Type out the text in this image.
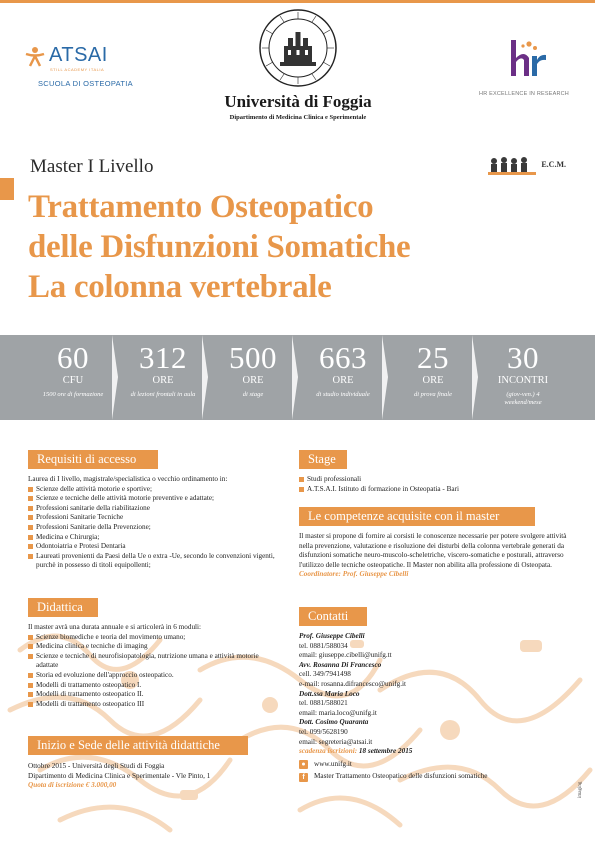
ATSAI
STILL ACADEMY ITALIA
SCUOLA DI OSTEOPATIA
Università di Foggia
Dipartimento di Medicina Clinica e Sperimentale
HR EXCELLENCE IN RESEARCH
Master I Livello	E.C.M.
Trattamento Osteopatico
delle Disfunzioni Somatiche
La colonna vertebrale
60
CFU
1500 ore di formazione
312
ORE
di lezioni frontali in aula
500
ORE
di stage
663
ORE
di studio individuale
25
ORE
di prova finale
30
INCONTRI
(giov-ven.) 4 weekend/mese
Requisiti di accesso
Laurea di I livello, magistrale/specialistica o vecchio ordinamento in:
Scienze delle attività motorie e sportive;
Scienze e tecniche delle attività motorie preventive e adattate;
Professioni sanitarie della riabilitazione
Professioni Sanitarie Tecniche
Professioni Sanitarie della Prevenzione;
Medicina e Chirurgia;
Odontoiatria e Protesi Dentaria
Laureati provenienti da Paesi della Ue o extra -Ue, secondo le convenzioni vigenti, purchè in possesso di titoli equipollenti;
Didattica
Il master avrà una durata annuale e si articolerà in 6 moduli:
Scienze biomediche e teoria del movimento umano;
Medicina clinica e tecniche di imaging
Scienze e tecniche di neurofisiopatologia, nutrizione umana e attività motorie adattate
Storia ed evoluzione dell'approccio osteopatico.
Modelli di trattamento osteopatico I.
Modelli di trattamento osteopatico II.
Modelli di trattamento osteopatico III
Inizio e Sede delle attività didattiche
Ottobre 2015 - Università degli Studi di Foggia
Dipartimento di Medicina Clinica e Sperimentale - Vle Pinto, 1
Quota di iscrizione € 3.000,00
Stage
Studi professionali
A.T.S.A.I. Istituto di formazione in Osteopatia - Bari
Le competenze acquisite con il master
Il master si propone di fornire ai corsisti le conoscenze necessarie per potere svolgere attività nella prevenzione, valutazione e risoluzione dei disturbi della colonna vertebrale generati da disfunzioni somatiche neuro-muscolo-scheletriche, viscero-somatiche e posturali, attraverso l'utilizzo delle tecniche osteopatiche. Il Master non abilita alla professione di Osteopata.
Coordinatore: Prof. Giuseppe Cibelli
Contatti
Prof. Giuseppe Cibelli
tel. 0881/588034
email: giuseppe.cibelli@unifg.tt
Avv. Rosanna Di Francesco
cell. 349/7941498
e-mail: rosanna.difrancesco@unifg.it
Dott.ssa Maria Loco
tel. 0881/588021
email: maria.loco@unifg.it
Dott. Cosimo Quaranta
tel. 099/5628190
email: segreteria@atsai.it
scadenza iscrizioni: 18 settembre 2015
●	www.unifg.it
f	Master Trattamento Osteopatico delle disfunzioni somatiche
imaging
